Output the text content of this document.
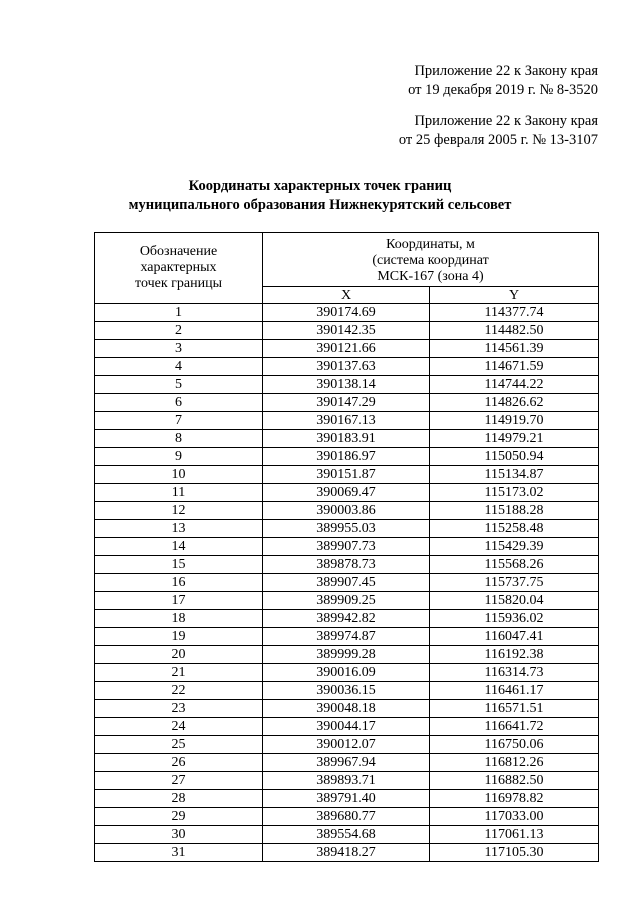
Приложение 22 к Закону края
от 19 декабря 2019 г. № 8-3520
Приложение 22 к Закону края
от 25 февраля 2005 г. № 13-3107
Координаты характерных точек границ
муниципального образования Нижнекурятский сельсовет
Обозначение
характерных
точек границы	Координаты, м
(система координат
МСК-167 (зона 4)	
	X	Y
1	390174.69	114377.74
2	390142.35	114482.50
3	390121.66	114561.39
4	390137.63	114671.59
5	390138.14	114744.22
6	390147.29	114826.62
7	390167.13	114919.70
8	390183.91	114979.21
9	390186.97	115050.94
10	390151.87	115134.87
11	390069.47	115173.02
12	390003.86	115188.28
13	389955.03	115258.48
14	389907.73	115429.39
15	389878.73	115568.26
16	389907.45	115737.75
17	389909.25	115820.04
18	389942.82	115936.02
19	389974.87	116047.41
20	389999.28	116192.38
21	390016.09	116314.73
22	390036.15	116461.17
23	390048.18	116571.51
24	390044.17	116641.72
25	390012.07	116750.06
26	389967.94	116812.26
27	389893.71	116882.50
28	389791.40	116978.82
29	389680.77	117033.00
30	389554.68	117061.13
31	389418.27	117105.30
